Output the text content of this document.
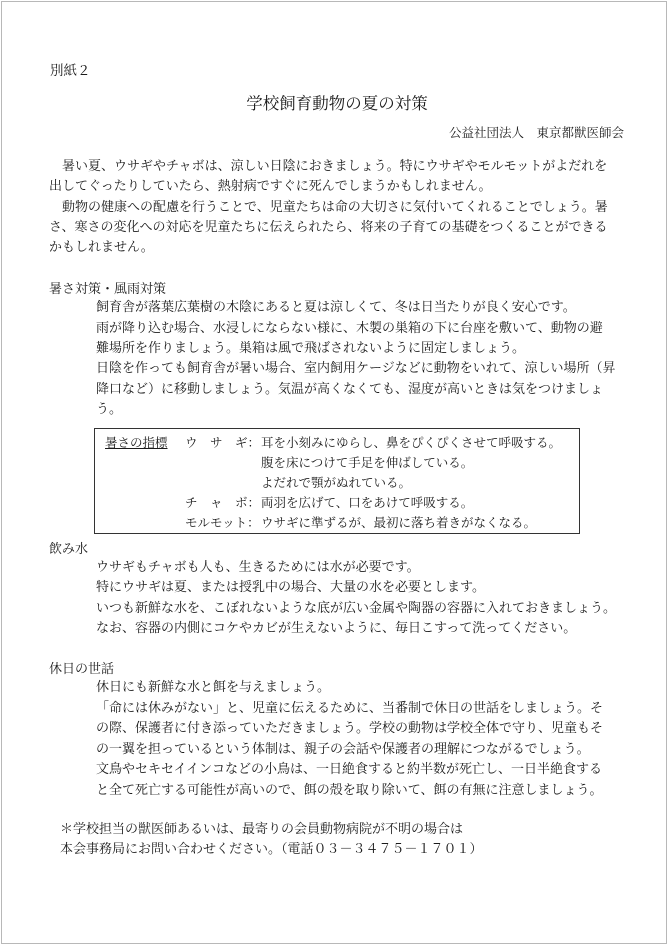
別紙２
学校飼育動物の夏の対策
公益社団法人　東京都獣医師会
暑い夏、ウサギやチャボは、涼しい日陰におきましょう。特にウサギやモルモットがよだれを
出してぐったりしていたら、熱射病ですぐに死んでしまうかもしれません。
動物の健康への配慮を行うことで、児童たちは命の大切さに気付いてくれることでしょう。暑
さ、寒さの変化への対応を児童たちに伝えられたら、将来の子育ての基礎をつくることができる
かもしれません。
暑さ対策・風雨対策
飼育舎が落葉広葉樹の木陰にあると夏は涼しくて、冬は日当たりが良く安心です。
雨が降り込む場合、水浸しにならない様に、木製の巣箱の下に台座を敷いて、動物の避
難場所を作りましょう。巣箱は風で飛ばされないように固定しましょう。
日陰を作っても飼育舎が暑い場合、室内飼用ケージなどに動物をいれて、涼しい場所（昇
降口など）に移動しましょう。気温が高くなくても、湿度が高いときは気をつけましょ
う。
暑さの指標 ウ　サ　ギ： 耳を小刻みにゆらし、鼻をぴくぴくさせて呼吸する。
腹を床につけて手足を伸ばしている。
よだれで顎がぬれている。
チ　ャ　ボ： 両羽を広げて、口をあけて呼吸する。
モルモット： ウサギに準ずるが、最初に落ち着きがなくなる。
飲み水
ウサギもチャボも人も、生きるためには水が必要です。
特にウサギは夏、または授乳中の場合、大量の水を必要とします。
いつも新鮮な水を、こぼれないような底が広い金属や陶器の容器に入れておきましょう。
なお、容器の内側にコケやカビが生えないように、毎日こすって洗ってください。
休日の世話
休日にも新鮮な水と餌を与えましょう。
「命には休みがない」と、児童に伝えるために、当番制で休日の世話をしましょう。そ
の際、保護者に付き添っていただきましょう。学校の動物は学校全体で守り、児童もそ
の一翼を担っているという体制は、親子の会話や保護者の理解につながるでしょう。
文鳥やセキセイインコなどの小鳥は、一日絶食すると約半数が死亡し、一日半絶食する
と全て死亡する可能性が高いので、餌の殻を取り除いて、餌の有無に注意しましょう。
＊学校担当の獣医師あるいは、最寄りの会員動物病院が不明の場合は
本会事務局にお問い合わせください。（電話０３－３４７５－１７０１）
